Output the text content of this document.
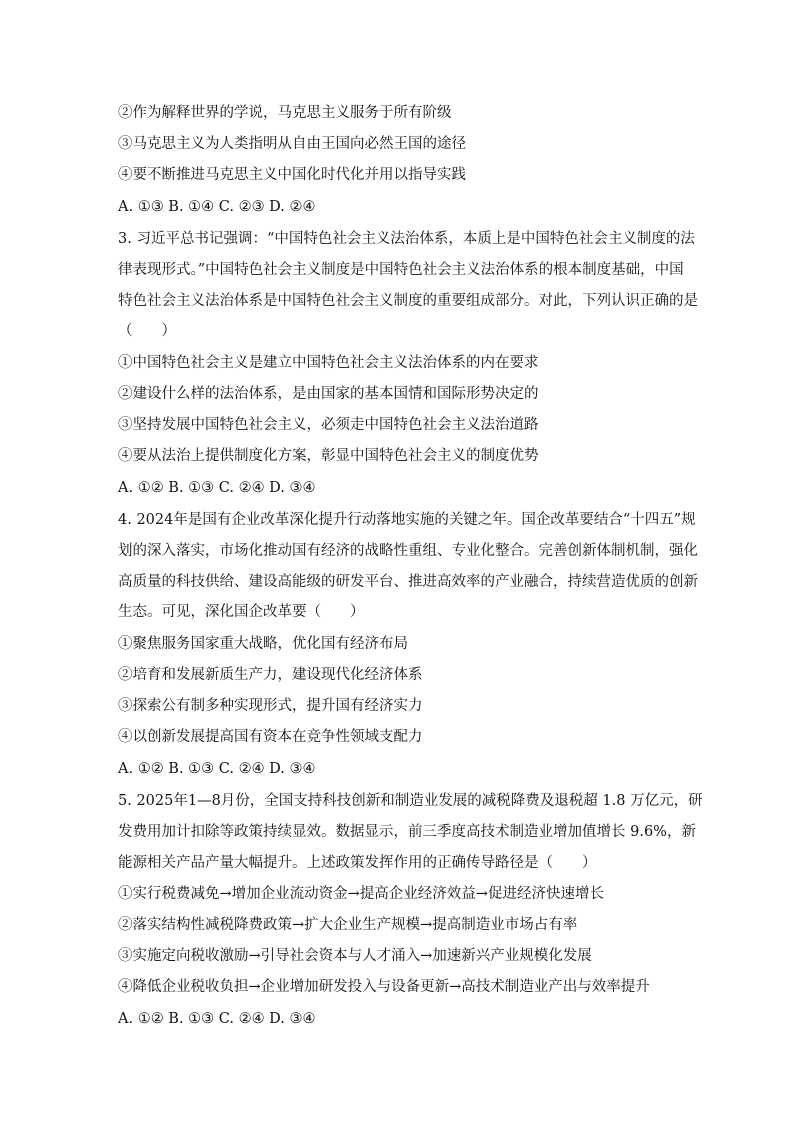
②作为解释世界的学说，马克思主义服务于所有阶级
③马克思主义为人类指明从自由王国向必然王国的途径
④要不断推进马克思主义中国化时代化并用以指导实践
A. ①③ B. ①④ C. ②③ D. ②④
3. 习近平总书记强调：“中国特色社会主义法治体系，本质上是中国特色社会主义制度的法
律表现形式。”中国特色社会主义制度是中国特色社会主义法治体系的根本制度基础，中国
特色社会主义法治体系是中国特色社会主义制度的重要组成部分。对此，下列认识正确的是
（　　）
①中国特色社会主义是建立中国特色社会主义法治体系的内在要求
②建设什么样的法治体系，是由国家的基本国情和国际形势决定的
③坚持发展中国特色社会主义，必须走中国特色社会主义法治道路
④要从法治上提供制度化方案，彰显中国特色社会主义的制度优势
A. ①② B. ①③ C. ②④ D. ③④
4. 2024年是国有企业改革深化提升行动落地实施的关键之年。国企改革要结合“十四五”规
划的深入落实，市场化推动国有经济的战略性重组、专业化整合。完善创新体制机制，强化
高质量的科技供给、建设高能级的研发平台、推进高效率的产业融合，持续营造优质的创新
生态。可见，深化国企改革要（　　）
①聚焦服务国家重大战略，优化国有经济布局
②培育和发展新质生产力，建设现代化经济体系
③探索公有制多种实现形式，提升国有经济实力
④以创新发展提高国有资本在竞争性领域支配力
A. ①② B. ①③ C. ②④ D. ③④
5. 2025年1—8月份，全国支持科技创新和制造业发展的减税降费及退税超 1.8 万亿元，研
发费用加计扣除等政策持续显效。数据显示，前三季度高技术制造业增加值增长 9.6%，新
能源相关产品产量大幅提升。上述政策发挥作用的正确传导路径是（　　）
①实行税费减免→增加企业流动资金→提高企业经济效益→促进经济快速增长
②落实结构性减税降费政策→扩大企业生产规模→提高制造业市场占有率
③实施定向税收激励→引导社会资本与人才涌入→加速新兴产业规模化发展
④降低企业税收负担→企业增加研发投入与设备更新→高技术制造业产出与效率提升
A. ①② B. ①③ C. ②④ D. ③④
